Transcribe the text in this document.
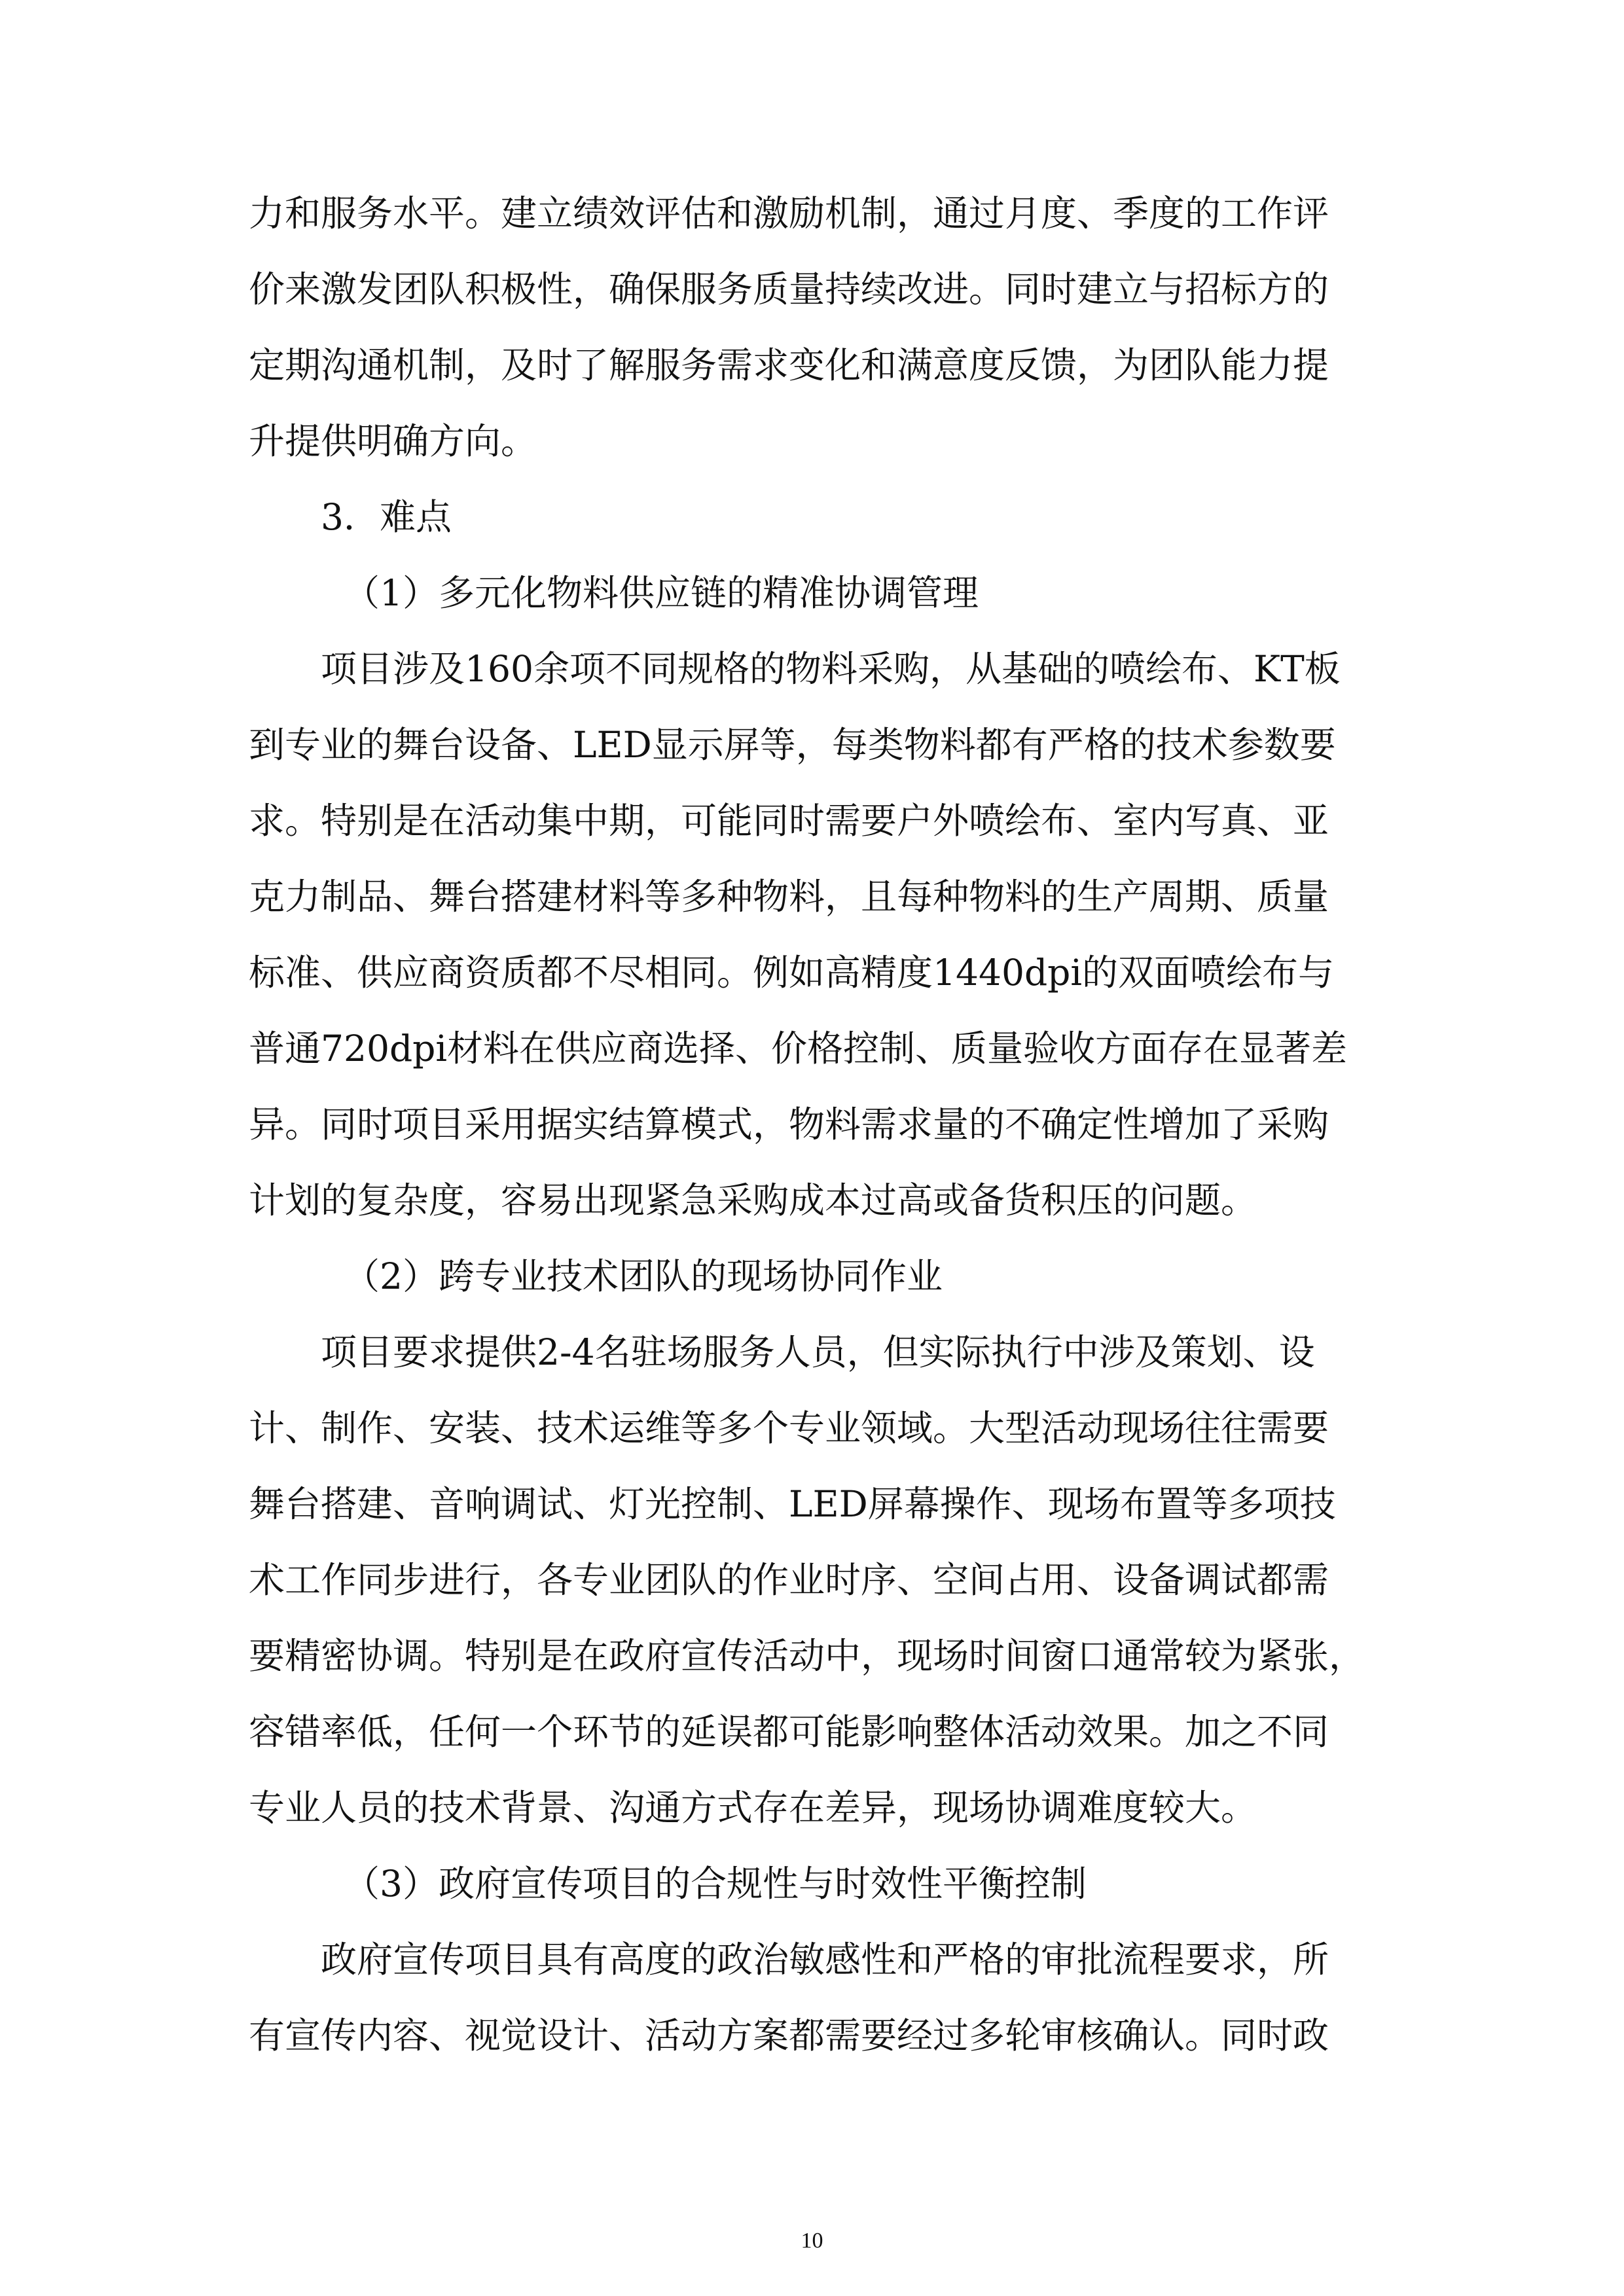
力和服务水平。建立绩效评估和激励机制，通过月度、季度的工作评
价来激发团队积极性，确保服务质量持续改进。同时建立与招标方的
定期沟通机制，及时了解服务需求变化和满意度反馈，为团队能力提
升提供明确方向。
3．难点
（1）多元化物料供应链的精准协调管理
项目涉及160余项不同规格的物料采购，从基础的喷绘布、KT板
到专业的舞台设备、LED显示屏等，每类物料都有严格的技术参数要
求。特别是在活动集中期，可能同时需要户外喷绘布、室内写真、亚
克力制品、舞台搭建材料等多种物料，且每种物料的生产周期、质量
标准、供应商资质都不尽相同。例如高精度1440dpi的双面喷绘布与
普通720dpi材料在供应商选择、价格控制、质量验收方面存在显著差
异。同时项目采用据实结算模式，物料需求量的不确定性增加了采购
计划的复杂度，容易出现紧急采购成本过高或备货积压的问题。
（2）跨专业技术团队的现场协同作业
项目要求提供2-4名驻场服务人员，但实际执行中涉及策划、设
计、制作、安装、技术运维等多个专业领域。大型活动现场往往需要
舞台搭建、音响调试、灯光控制、LED屏幕操作、现场布置等多项技
术工作同步进行，各专业团队的作业时序、空间占用、设备调试都需
要精密协调。特别是在政府宣传活动中，现场时间窗口通常较为紧张，
容错率低，任何一个环节的延误都可能影响整体活动效果。加之不同
专业人员的技术背景、沟通方式存在差异，现场协调难度较大。
（3）政府宣传项目的合规性与时效性平衡控制
政府宣传项目具有高度的政治敏感性和严格的审批流程要求，所
有宣传内容、视觉设计、活动方案都需要经过多轮审核确认。同时政
10
